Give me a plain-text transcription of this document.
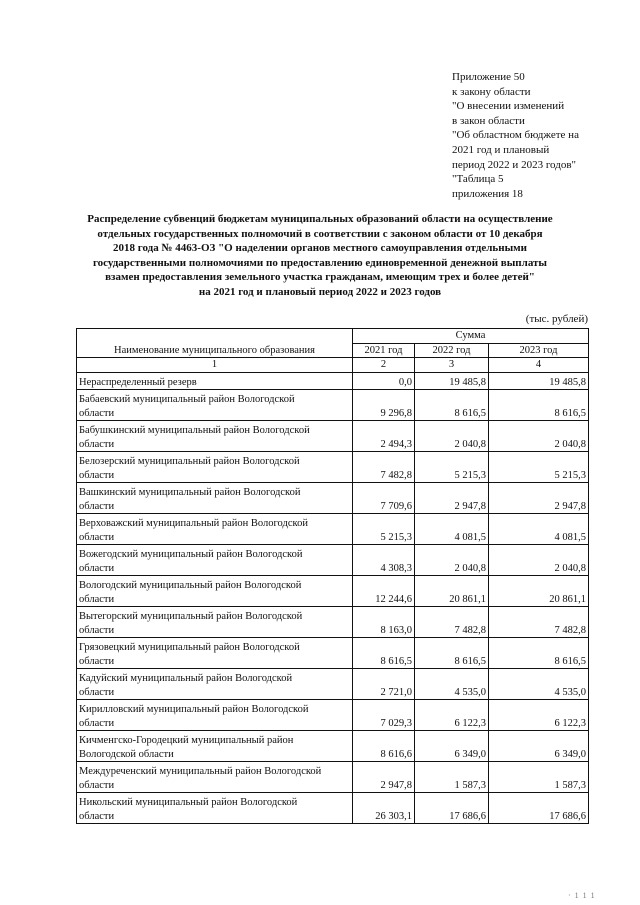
Приложение 50
к закону области
"О внесении изменений
в закон области
"Об областном бюджете на
2021 год и плановый
период 2022 и 2023 годов"
"Таблица 5
приложения 18
Распределение субвенций бюджетам муниципальных образований области на осуществление
отдельных государственных полномочий в соответствии с законом области от 10 декабря
2018 года № 4463-ОЗ "О наделении органов местного самоуправления отдельными
государственными полномочиями по предоставлению единовременной денежной выплаты
взамен предоставления земельного участка гражданам, имеющим трех и более детей"
на 2021 год и плановый период 2022 и 2023 годов
(тыс. рублей)
Наименование муниципального образования	Сумма		
	2021 год	2022 год	2023 год
1	2	3	4

Нераспределенный резерв	0,0	19 485,8	19 485,8

Бабаевский муниципальный район Вологодской
области	9 296,8	8 616,5	8 616,5

Бабушкинский муниципальный район Вологодской
области	2 494,3	2 040,8	2 040,8

Белозерский муниципальный район Вологодской
области	7 482,8	5 215,3	5 215,3

Вашкинский муниципальный район Вологодской
области	7 709,6	2 947,8	2 947,8

Верховажский муниципальный район Вологодской
области	5 215,3	4 081,5	4 081,5

Вожегодский муниципальный район Вологодской
области	4 308,3	2 040,8	2 040,8

Вологодский муниципальный район Вологодской
области	12 244,6	20 861,1	20 861,1

Вытегорский муниципальный район Вологодской
области	8 163,0	7 482,8	7 482,8

Грязовецкий муниципальный район Вологодской
области	8 616,5	8 616,5	8 616,5

Кадуйский муниципальный район Вологодской
области	2 721,0	4 535,0	4 535,0

Кирилловский муниципальный район Вологодской
области	7 029,3	6 122,3	6 122,3

Кичменгско-Городецкий муниципальный район
Вологодской области	8 616,6	6 349,0	6 349,0

Междуреченский муниципальный район Вологодской
области	2 947,8	1 587,3	1 587,3

Никольский муниципальный район Вологодской
области	26 303,1	17 686,6	17 686,6
· 1 1 1
